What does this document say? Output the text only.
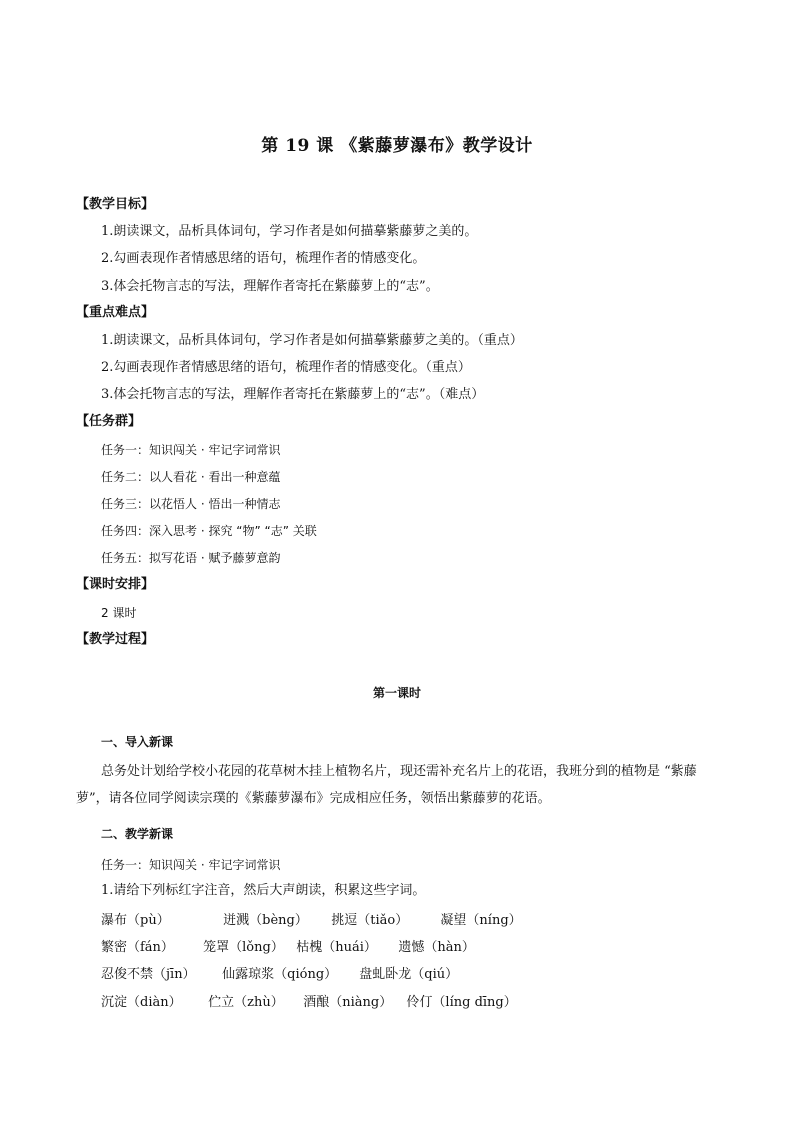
第 19 课 《紫藤萝瀑布》教学设计
【教学目标】
1.朗读课文，品析具体词句，学习作者是如何描摹紫藤萝之美的。
2.勾画表现作者情感思绪的语句，梳理作者的情感变化。
3.体会托物言志的写法，理解作者寄托在紫藤萝上的“志”。
【重点难点】
1.朗读课文，品析具体词句，学习作者是如何描摹紫藤萝之美的。（重点）
2.勾画表现作者情感思绪的语句，梳理作者的情感变化。（重点）
3.体会托物言志的写法，理解作者寄托在紫藤萝上的“志”。（难点）
【任务群】
任务一：知识闯关 · 牢记字词常识
任务二：以人看花 · 看出一种意蕴
任务三：以花悟人 · 悟出一种情志
任务四：深入思考 · 探究 “物” “志” 关联
任务五：拟写花语 · 赋予藤萝意韵
【课时安排】
2 课时
【教学过程】
第一课时
一、导入新课
总务处计划给学校小花园的花草树木挂上植物名片，现还需补充名片上的花语，我班分到的植物是 “紫藤萝”，请各位同学阅读宗璞的《紫藤萝瀑布》完成相应任务，领悟出紫藤萝的花语。
二、教学新课
任务一：知识闯关 · 牢记字词常识
1.请给下列标红字注音，然后大声朗读，积累这些字词。
瀑布（pù）	迸溅（bèng） 挑逗（tiǎo） 凝望（níng）
繁密（fán） 笼罩（lǒng） 枯槐（huái） 遗憾（hàn）
忍俊不禁（jīn） 仙露琼浆（qióng） 盘虬卧龙（qiú）
沉淀（diàn） 伫立（zhù） 酒酿（niàng） 伶仃（líng dīng）
